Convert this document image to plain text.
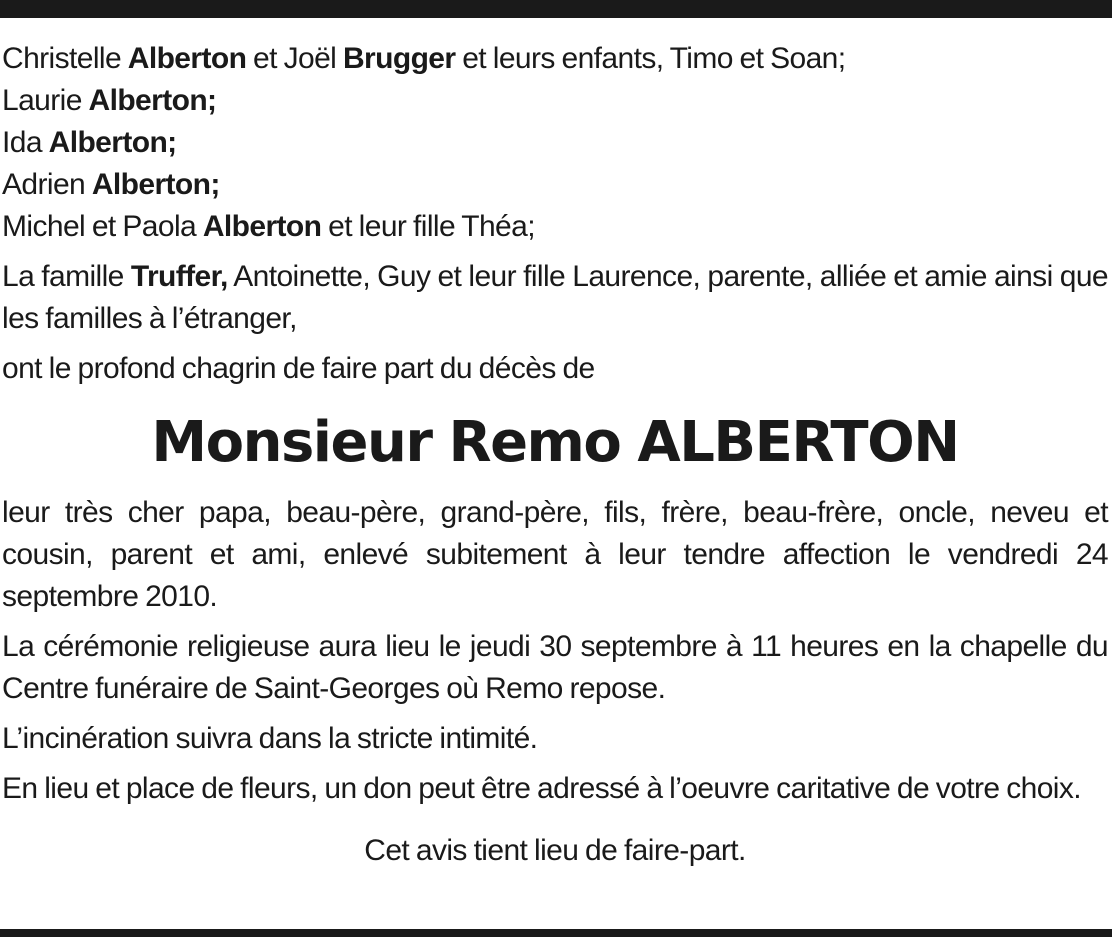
Christelle Alberton et Joël Brugger et leurs enfants, Timo et Soan;
Laurie Alberton;
Ida Alberton;
Adrien Alberton;
Michel et Paola Alberton et leur fille Théa;
La famille Truffer, Antoinette, Guy et leur fille Laurence, parente, alliée et amie ainsi que les familles à l’étranger,
ont le profond chagrin de faire part du décès de
Monsieur Remo ALBERTON
leur très cher papa, beau-père, grand-père, fils, frère, beau-frère, oncle, neveu et cousin, parent et ami, enlevé subitement à leur tendre affection le vendredi 24 septembre 2010.
La cérémonie religieuse aura lieu le jeudi 30 septembre à 11 heures en la chapelle du Centre funéraire de Saint-Georges où Remo repose.
L’incinération suivra dans la stricte intimité.
En lieu et place de fleurs, un don peut être adressé à l’oeuvre caritative de votre choix.
Cet avis tient lieu de faire-part.
